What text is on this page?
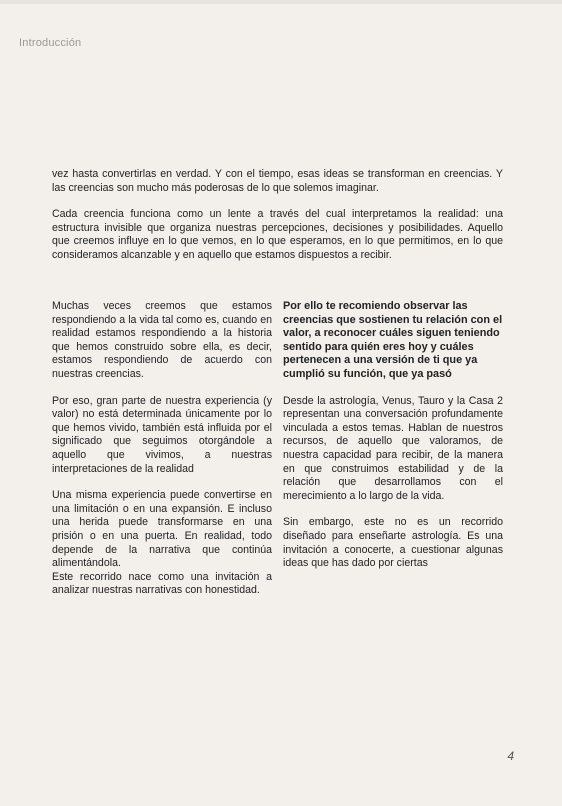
Introducción

vez hasta convertirlas en verdad. Y con el tiempo, esas ideas se transforman en creencias. Y las creencias son mucho más poderosas de lo que solemos imaginar.

Cada creencia funciona como un lente a través del cual interpretamos la realidad: una estructura invisible que organiza nuestras percepciones, decisiones y posibilidades. Aquello que creemos influye en lo que vemos, en lo que esperamos, en lo que permitimos, en lo que consideramos alcanzable y en aquello que estamos dispuestos a recibir.

Muchas veces creemos que estamos respondiendo a la vida tal como es, cuando en realidad estamos respondiendo a la historia que hemos construido sobre ella, es decir, estamos respondiendo de acuerdo con nuestras creencias.

Por eso, gran parte de nuestra experiencia (y valor) no está determinada únicamente por lo que hemos vivido, también está influida por el significado que seguimos otorgándole a aquello que vivimos, a nuestras interpretaciones de la realidad

Una misma experiencia puede convertirse en una limitación o en una expansión. E incluso una herida puede transformarse en una prisión o en una puerta. En realidad, todo depende de la narrativa que continúa alimentándola.

Este recorrido nace como una invitación a analizar nuestras narrativas con honestidad.

Por ello te recomiendo observar las creencias que sostienen tu relación con el valor, a reconocer cuáles siguen teniendo sentido para quién eres hoy y cuáles pertenecen a una versión de ti que ya cumplió su función, que ya pasó

Desde la astrología, Venus, Tauro y la Casa 2 representan una conversación profundamente vinculada a estos temas. Hablan de nuestros recursos, de aquello que valoramos, de nuestra capacidad para recibir, de la manera en que construimos estabilidad y de la relación que desarrollamos con el merecimiento a lo largo de la vida.

Sin embargo, este no es un recorrido diseñado para enseñarte astrología. Es una invitación a conocerte, a cuestionar algunas ideas que has dado por ciertas

4
